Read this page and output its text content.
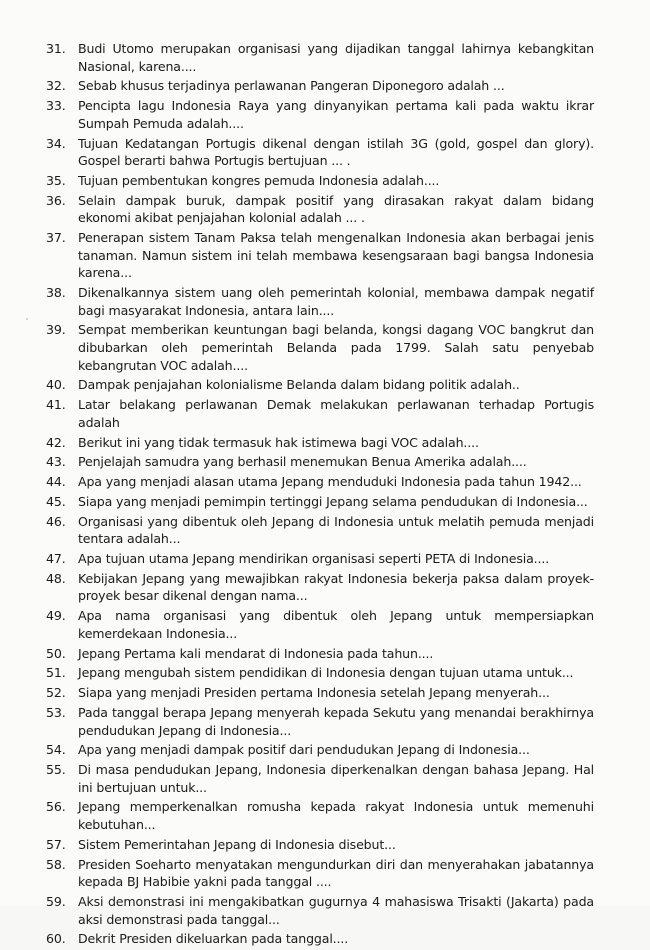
31. Budi Utomo merupakan organisasi yang dijadikan tanggal lahirnya kebangkitan Nasional, karena....
32. Sebab khusus terjadinya perlawanan Pangeran Diponegoro adalah ...
33. Pencipta lagu Indonesia Raya yang dinyanyikan pertama kali pada waktu ikrar Sumpah Pemuda adalah....
34. Tujuan Kedatangan Portugis dikenal dengan istilah 3G (gold, gospel dan glory). Gospel berarti bahwa Portugis bertujuan ... .
35. Tujuan pembentukan kongres pemuda Indonesia adalah....
36. Selain dampak buruk, dampak positif yang dirasakan rakyat dalam bidang ekonomi akibat penjajahan kolonial adalah ... .
37. Penerapan sistem Tanam Paksa telah mengenalkan Indonesia akan berbagai jenis tanaman. Namun sistem ini telah membawa kesengsaraan bagi bangsa Indonesia karena...
38. Dikenalkannya sistem uang oleh pemerintah kolonial, membawa dampak negatif bagi masyarakat Indonesia, antara lain....
39. Sempat memberikan keuntungan bagi belanda, kongsi dagang VOC bangkrut dan dibubarkan oleh pemerintah Belanda pada 1799. Salah satu penyebab kebangrutan VOC adalah....
40. Dampak penjajahan kolonialisme Belanda dalam bidang politik adalah..
41. Latar belakang perlawanan Demak melakukan perlawanan terhadap Portugis adalah
42. Berikut ini yang tidak termasuk hak istimewa bagi VOC adalah....
43. Penjelajah samudra yang berhasil menemukan Benua Amerika adalah....
44. Apa yang menjadi alasan utama Jepang menduduki Indonesia pada tahun 1942...
45. Siapa yang menjadi pemimpin tertinggi Jepang selama pendudukan di Indonesia...
46. Organisasi yang dibentuk oleh Jepang di Indonesia untuk melatih pemuda menjadi tentara adalah...
47. Apa tujuan utama Jepang mendirikan organisasi seperti PETA di Indonesia....
48. Kebijakan Jepang yang mewajibkan rakyat Indonesia bekerja paksa dalam proyek-proyek besar dikenal dengan nama...
49. Apa nama organisasi yang dibentuk oleh Jepang untuk mempersiapkan kemerdekaan Indonesia...
50. Jepang Pertama kali mendarat di Indonesia pada tahun....
51. Jepang mengubah sistem pendidikan di Indonesia dengan tujuan utama untuk...
52. Siapa yang menjadi Presiden pertama Indonesia setelah Jepang menyerah...
53. Pada tanggal berapa Jepang menyerah kepada Sekutu yang menandai berakhirnya pendudukan Jepang di Indonesia...
54. Apa yang menjadi dampak positif dari pendudukan Jepang di Indonesia...
55. Di masa pendudukan Jepang, Indonesia diperkenalkan dengan bahasa Jepang. Hal ini bertujuan untuk...
56. Jepang memperkenalkan romusha kepada rakyat Indonesia untuk memenuhi kebutuhan...
57. Sistem Pemerintahan Jepang di Indonesia disebut...
58. Presiden Soeharto menyatakan mengundurkan diri dan menyerahakan jabatannya kepada BJ Habibie yakni pada tanggal ....
59. Aksi demonstrasi ini mengakibatkan gugurnya 4 mahasiswa Trisakti (Jakarta) pada aksi demonstrasi pada tanggal...
60. Dekrit Presiden dikeluarkan pada tanggal....
